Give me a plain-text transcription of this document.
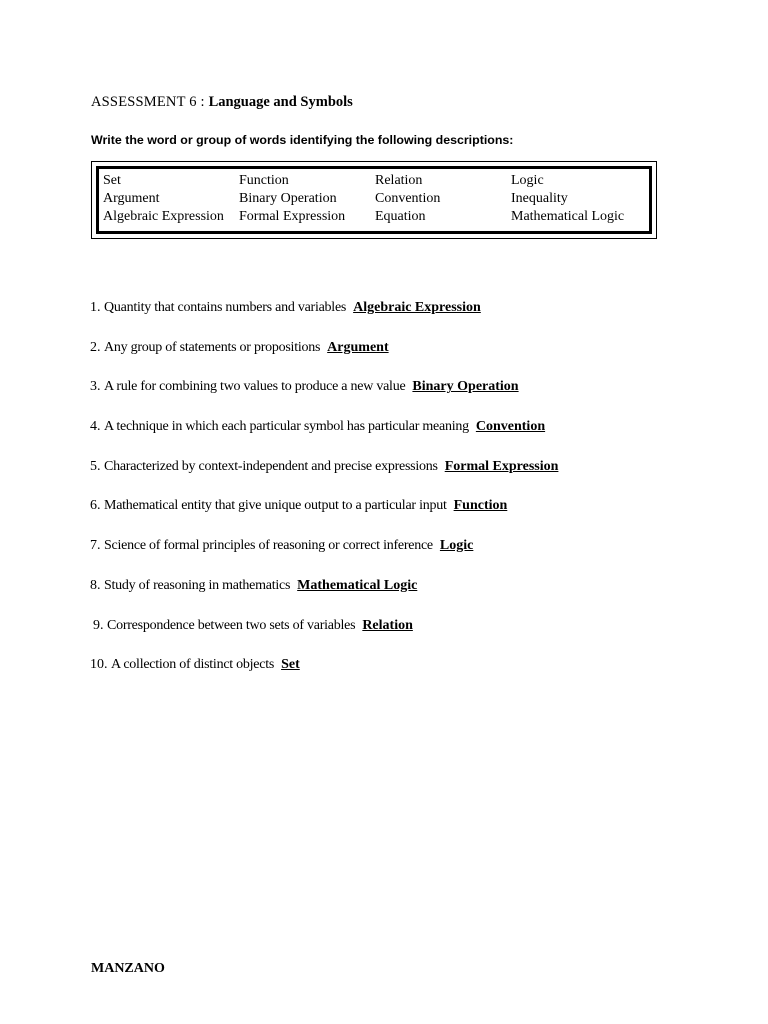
ASSESSMENT 6 : Language and Symbols
Write the word or group of words identifying the following descriptions:
Set	Function	Relation	Logic
Argument	Binary Operation	Convention	Inequality
Algebraic Expression	Formal Expression	Equation	Mathematical Logic
1. Quantity that contains numbers and variables Algebraic Expression
2. Any group of statements or propositions Argument
3. A rule for combining two values to produce a new value Binary Operation
4. A technique in which each particular symbol has particular meaning Convention
5. Characterized by context-independent and precise expressions Formal Expression
6. Mathematical entity that give unique output to a particular input Function
7. Science of formal principles of reasoning or correct inference Logic
8. Study of reasoning in mathematics Mathematical Logic
9. Correspondence between two sets of variables Relation
10. A collection of distinct objects Set
MANZANO
